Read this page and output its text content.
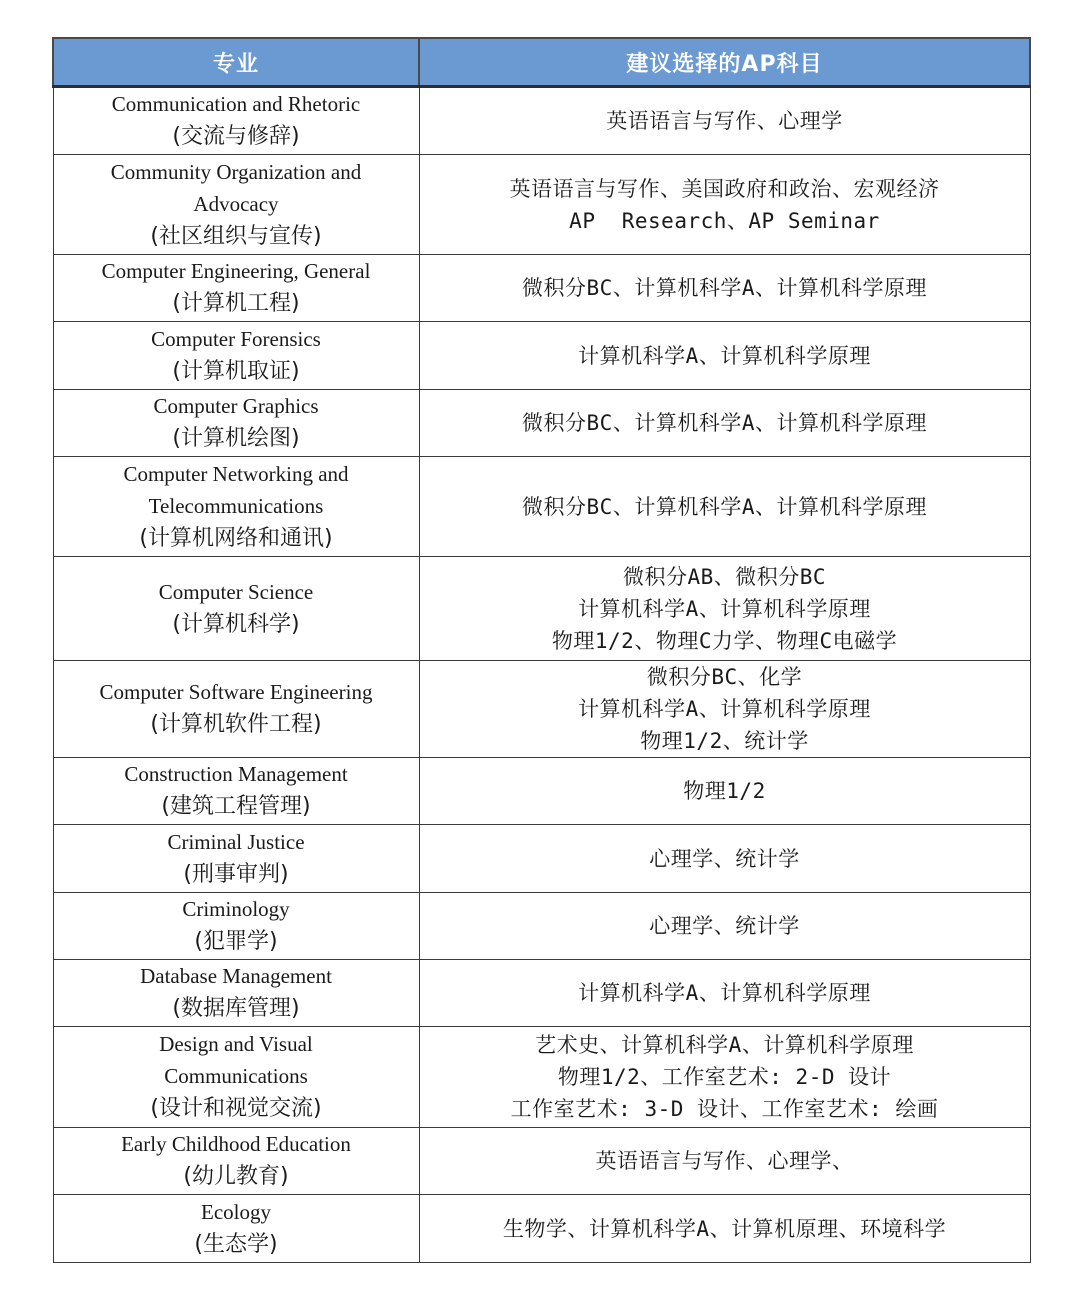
专业	建议选择的AP科目

Communication and Rhetoric
(交流与修辞)	英语语言与写作、心理学

Community Organization and
Advocacy
(社区组织与宣传)	英语语言与写作、美国政府和政治、宏观经济
AP  Research、AP Seminar

Computer Engineering, General
(计算机工程)	微积分BC、计算机科学A、计算机科学原理

Computer Forensics
(计算机取证)	计算机科学A、计算机科学原理

Computer Graphics
(计算机绘图)	微积分BC、计算机科学A、计算机科学原理

Computer Networking and
Telecommunications
(计算机网络和通讯)	微积分BC、计算机科学A、计算机科学原理

Computer Science
(计算机科学)	微积分AB、微积分BC
计算机科学A、计算机科学原理
物理1/2、物理C力学、物理C电磁学

Computer Software Engineering
(计算机软件工程)	微积分BC、化学
计算机科学A、计算机科学原理
物理1/2、统计学

Construction Management
(建筑工程管理)	物理1/2

Criminal Justice
(刑事审判)	心理学、统计学

Criminology
(犯罪学)	心理学、统计学

Database Management
(数据库管理)	计算机科学A、计算机科学原理

Design and Visual
Communications
(设计和视觉交流)	艺术史、计算机科学A、计算机科学原理
物理1/2、工作室艺术: 2-D 设计
工作室艺术: 3-D 设计、工作室艺术: 绘画

Early Childhood Education
(幼儿教育)	英语语言与写作、心理学、

Ecology
(生态学)	生物学、计算机科学A、计算机原理、环境科学
